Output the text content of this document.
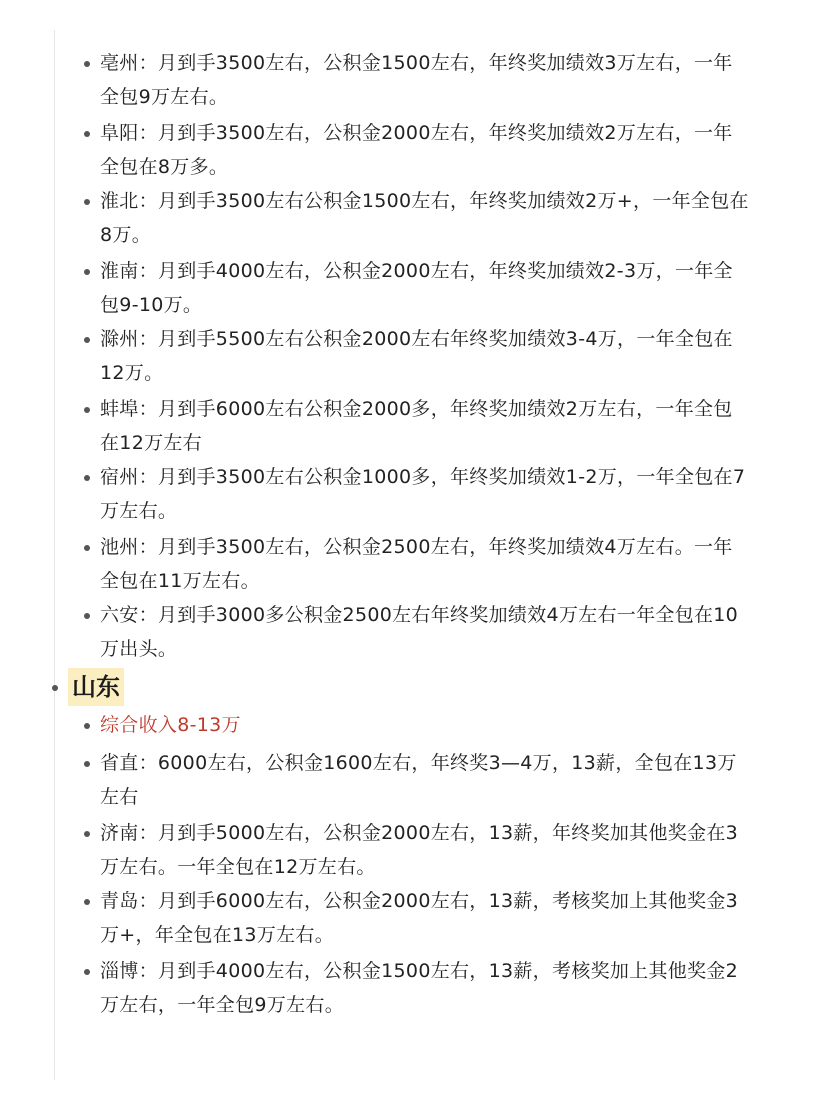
亳州：月到手3500左右，公积金1500左右，年终奖加绩效3万左右，一年全包9万左右。
阜阳：月到手3500左右，公积金2000左右，年终奖加绩效2万左右，一年全包在8万多。
淮北：月到手3500左右公积金1500左右，年终奖加绩效2万+，一年全包在8万。
淮南：月到手4000左右，公积金2000左右，年终奖加绩效2-3万，一年全包9-10万。
滁州：月到手5500左右公积金2000左右年终奖加绩效3-4万，一年全包在12万。
蚌埠：月到手6000左右公积金2000多，年终奖加绩效2万左右，一年全包在12万左右
宿州：月到手3500左右公积金1000多，年终奖加绩效1-2万，一年全包在7万左右。
池州：月到手3500左右，公积金2500左右，年终奖加绩效4万左右。一年全包在11万左右。
六安：月到手3000多公积金2500左右年终奖加绩效4万左右一年全包在10万出头。
山东
综合收入8-13万
省直：6000左右，公积金1600左右，年终奖3—4万，13薪，全包在13万左右
济南：月到手5000左右，公积金2000左右，13薪，年终奖加其他奖金在3万左右。一年全包在12万左右。
青岛：月到手6000左右，公积金2000左右，13薪，考核奖加上其他奖金3万+，年全包在13万左右。
淄博：月到手4000左右，公积金1500左右，13薪，考核奖加上其他奖金2万左右，一年全包9万左右。
